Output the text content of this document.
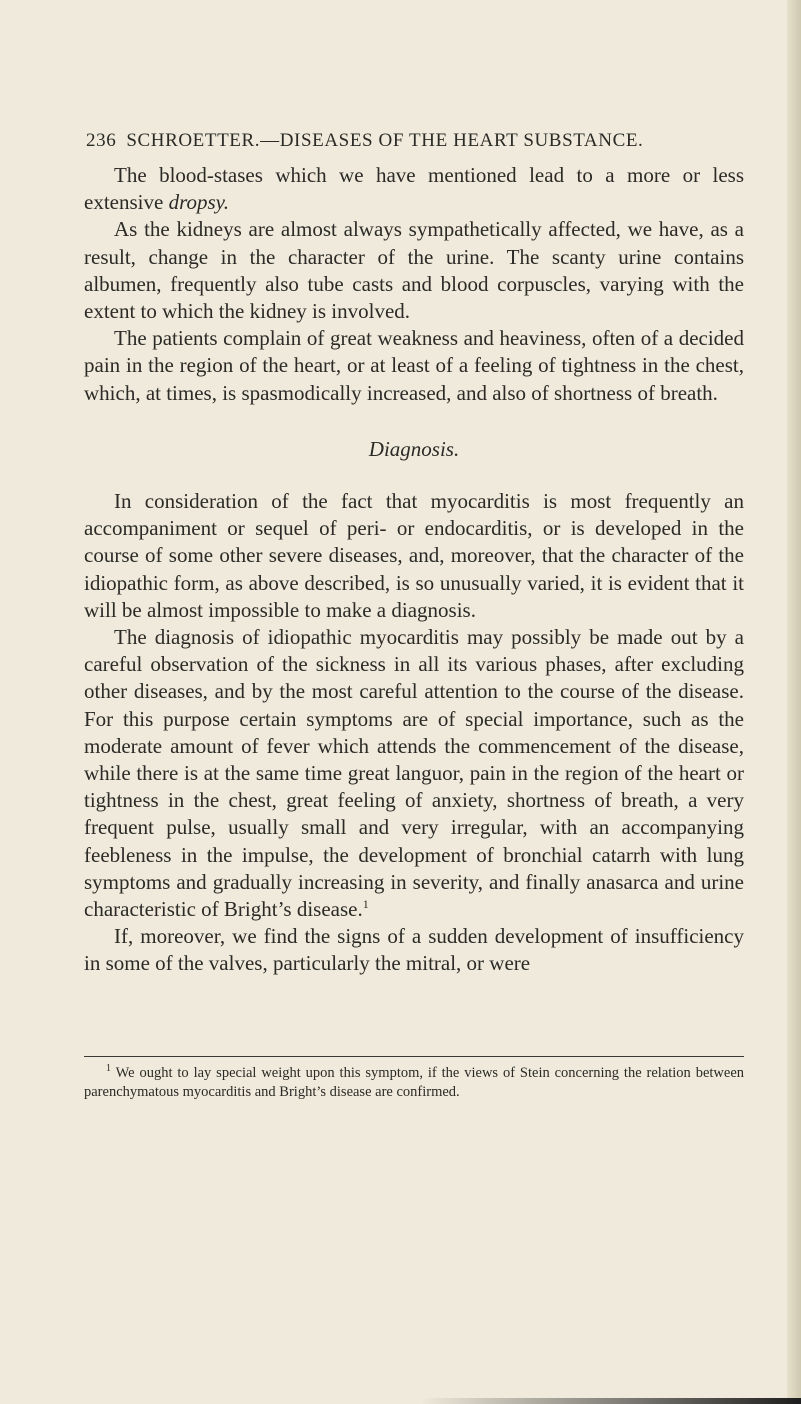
236 SCHROETTER.—DISEASES OF THE HEART SUBSTANCE.

The blood-stases which we have mentioned lead to a more or less extensive dropsy.

As the kidneys are almost always sympathetically affected, we have, as a result, change in the character of the urine. The scanty urine contains albumen, frequently also tube casts and blood corpuscles, varying with the extent to which the kidney is involved.

The patients complain of great weakness and heaviness, often of a decided pain in the region of the heart, or at least of a feeling of tightness in the chest, which, at times, is spasmodically increased, and also of shortness of breath.

Diagnosis.

In consideration of the fact that myocarditis is most frequently an accompaniment or sequel of peri- or endocarditis, or is developed in the course of some other severe diseases, and, moreover, that the character of the idiopathic form, as above described, is so unusually varied, it is evident that it will be almost impossible to make a diagnosis.

The diagnosis of idiopathic myocarditis may possibly be made out by a careful observation of the sickness in all its various phases, after excluding other diseases, and by the most careful attention to the course of the disease. For this purpose certain symptoms are of special importance, such as the moderate amount of fever which attends the commencement of the disease, while there is at the same time great languor, pain in the region of the heart or tightness in the chest, great feeling of anxiety, shortness of breath, a very frequent pulse, usually small and very irregular, with an accompanying feebleness in the impulse, the development of bronchial catarrh with lung symptoms and gradually increasing in severity, and finally anasarca and urine characteristic of Bright’s disease.$^1$

If, moreover, we find the signs of a sudden development of insufficiency in some of the valves, particularly the mitral, or were

$^1$ We ought to lay special weight upon this symptom, if the views of Stein concerning the relation between parenchymatous myocarditis and Bright’s disease are confirmed.
